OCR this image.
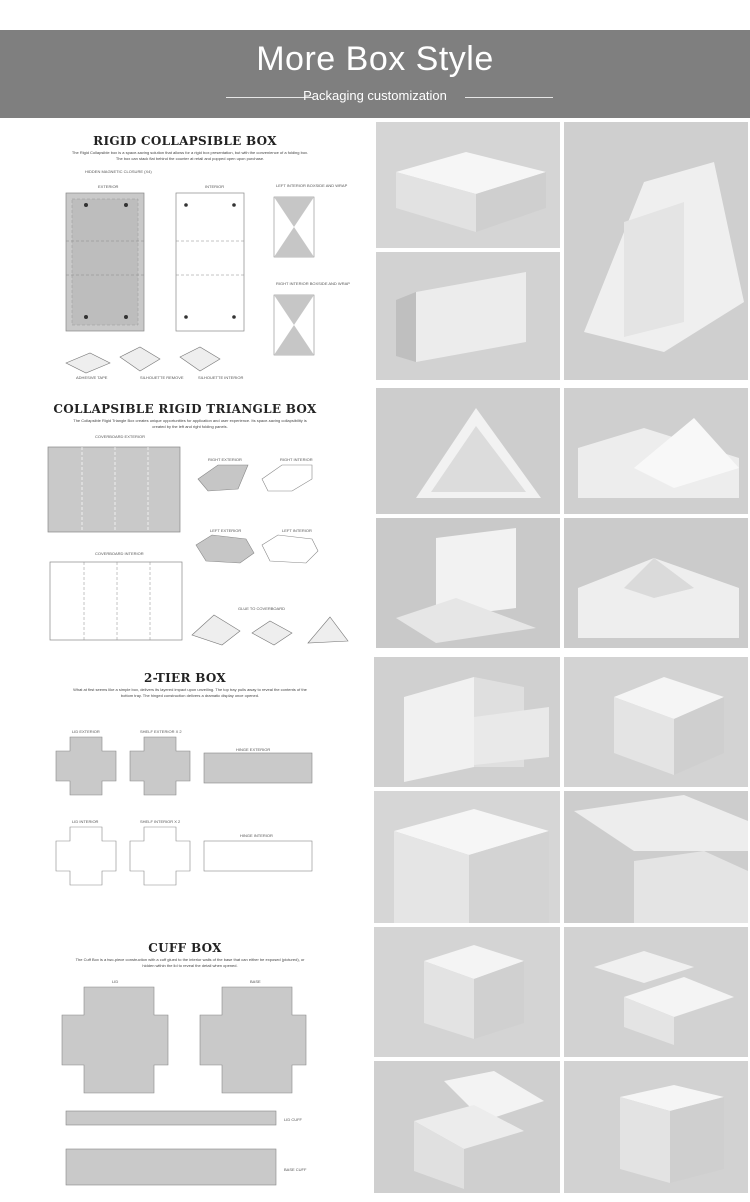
More Box Style
Packaging customization
RIGID COLLAPSIBLE BOX
The Rigid Collapsible box is a space-saving solution that allows for a rigid box presentation, but with the convenience of a folding box. The box can stack flat behind the counter at retail and popped open upon purchase.
HIDDEN MAGNETIC CLOSURE (X4)
EXTERIOR	INTERIOR	LEFT INTERIOR BOXSIDE AND WRAP
RIGHT INTERIOR BOXSIDE AND WRAP
ADHESIVE TAPE	SILHOUETTE REMOVE	SILHOUETTE INTERIOR
COLLAPSIBLE RIGID TRIANGLE BOX
The Collapsible Rigid Triangle Box creates unique opportunities for application and user experience. Its space-saving collapsibility is created by the left and right folding panels.
COVERBOARD EXTERIOR
RIGHT EXTERIOR	RIGHT INTERIOR
LEFT EXTERIOR	LEFT INTERIOR
COVERBOARD INTERIOR
GLUE TO COVERBOARD
2-TIER BOX
What at first seems like a simple box, delivers its layered impact upon unveiling. The top tray pulls away to reveal the contents of the bottom tray. The hinged construction delivers a dramatic display once opened.
LID EXTERIOR	SHELF EXTERIOR X 2
HINGE EXTERIOR
LID INTERIOR	SHELF INTERIOR X 2
HINGE INTERIOR
CUFF BOX
The Cuff Box is a two-piece construction with a cuff glued to the interior walls of the base that can either be exposed (pictured), or hidden within the lid to reveal the detail when opened.
LID	BASE
LID CUFF
BASE CUFF
